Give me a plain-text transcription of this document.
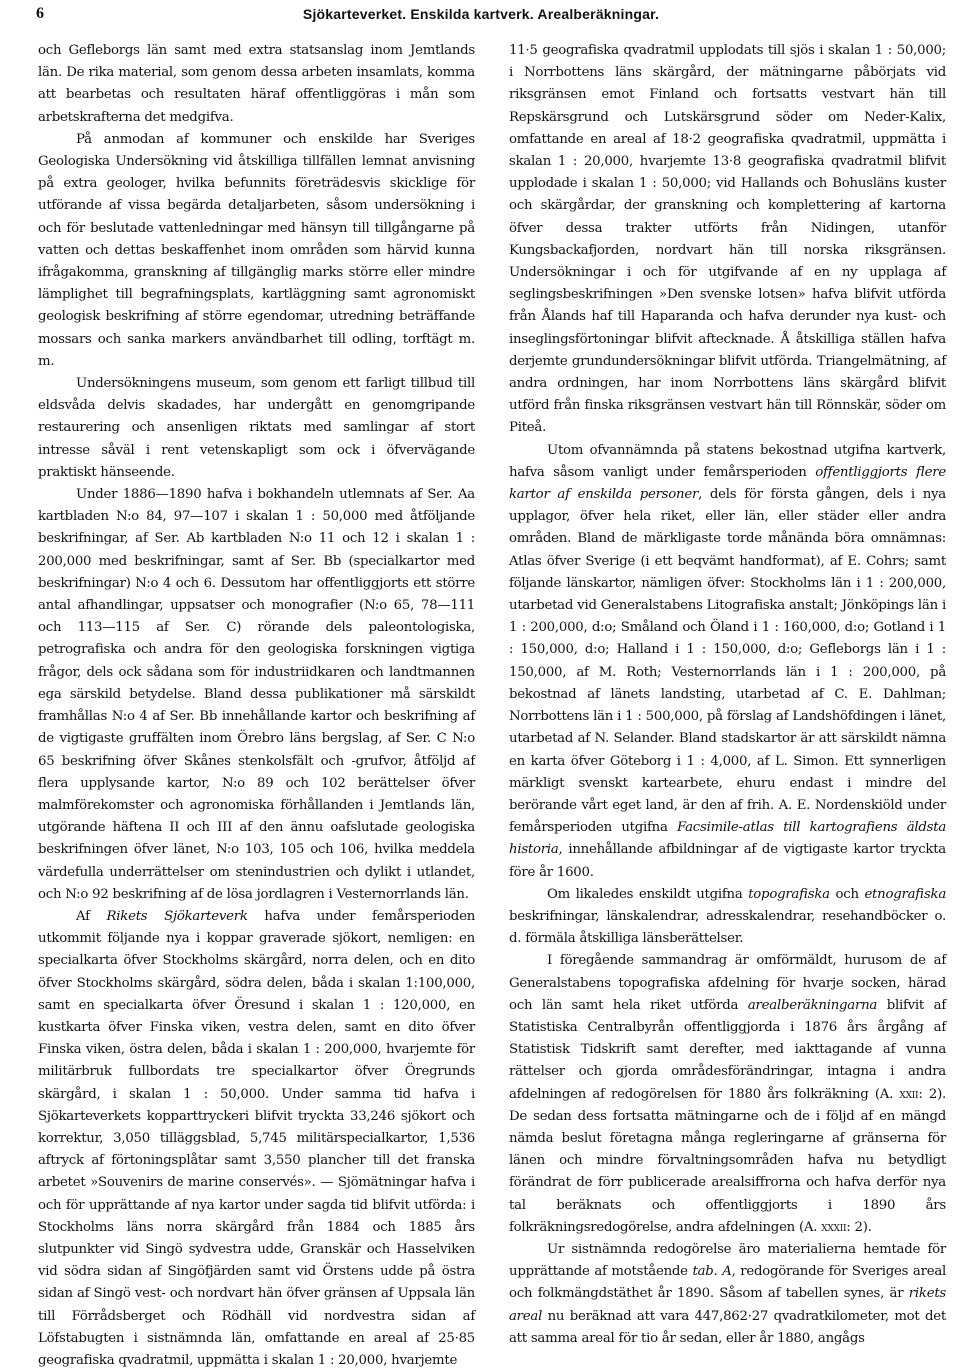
6	Sjökarteverket. Enskilda kartverk. Arealberäkningar.

och Gefleborgs län samt med extra statsanslag inom Jemtlands län. De rika material, som genom dessa arbeten insamlats, komma att bearbetas och resultaten häraf offentliggöras i mån som arbetskrafterna det medgifva.

På anmodan af kommuner och enskilde har Sveriges Geologiska Undersökning vid åtskilliga tillfällen lemnat anvisning på extra geologer, hvilka befunnits företrädesvis skicklige för utförande af vissa begärda detaljarbeten, såsom undersökning i och för beslutade vattenledningar med hänsyn till tillgångarne på vatten och dettas beskaffenhet inom områden som härvid kunna ifrågakomma, granskning af tillgänglig marks större eller mindre lämplighet till begrafningsplats, kartläggning samt agronomiskt geologisk beskrifning af större egendomar, utredning beträffande mossars och sanka markers användbarhet till odling, torftägt m. m.

Undersökningens museum, som genom ett farligt tillbud till eldsvåda delvis skadades, har undergått en genomgripande restaurering och ansenligen riktats med samlingar af stort intresse såväl i rent vetenskapligt som ock i öfvervägande praktiskt hänseende.

Under 1886—1890 hafva i bokhandeln utlemnats af Ser. Aa kartbladen N:o 84, 97—107 i skalan 1 : 50,000 med åtföljande beskrifningar, af Ser. Ab kartbladen N:o 11 och 12 i skalan 1 : 200,000 med beskrifningar, samt af Ser. Bb (specialkartor med beskrifningar) N:o 4 och 6. Dessutom har offentliggjorts ett större antal afhandlingar, uppsatser och monografier (N:o 65, 78—111 och 113—115 af Ser. C) rörande dels paleontologiska, petrografiska och andra för den geologiska forskningen vigtiga frågor, dels ock sådana som för industriidkaren och landtmannen ega särskild betydelse. Bland dessa publikationer må särskildt framhållas N:o 4 af Ser. Bb innehållande kartor och beskrifning af de vigtigaste gruffälten inom Örebro läns bergslag, af Ser. C N:o 65 beskrifning öfver Skånes stenkolsfält och -grufvor, åtföljd af flera upplysande kartor, N:o 89 och 102 berättelser öfver malmförekomster och agronomiska förhållanden i Jemtlands län, utgörande häftena II och III af den ännu oafslutade geologiska beskrifningen öfver länet, N:o 103, 105 och 106, hvilka meddela värdefulla underrättelser om stenindustrien och dylikt i utlandet, och N:o 92 beskrifning af de lösa jordlagren i Vesternorrlands län.

Af Rikets Sjökarteverk hafva under femårsperioden utkommit följande nya i koppar graverade sjökort, nemligen: en specialkarta öfver Stockholms skärgård, norra delen, och en dito öfver Stockholms skärgård, södra delen, båda i skalan 1:100,000, samt en specialkarta öfver Öresund i skalan 1 : 120,000, en kustkarta öfver Finska viken, vestra delen, samt en dito öfver Finska viken, östra delen, båda i skalan 1 : 200,000, hvarjemte för militärbruk fullbordats tre specialkartor öfver Öregrunds skärgård, i skalan 1 : 50,000. Under samma tid hafva i Sjökarteverkets kopparttryckeri blifvit tryckta 33,246 sjökort och korrektur, 3,050 tilläggsblad, 5,745 militärspecialkartor, 1,536 aftryck af förtoningsplåtar samt 3,550 plancher till det franska arbetet »Souvenirs de marine conservés». — Sjömätningar hafva i och för upprättande af nya kartor under sagda tid blifvit utförda: i Stockholms läns norra skärgård från 1884 och 1885 års slutpunkter vid Singö sydvestra udde, Granskär och Hasselviken vid södra sidan af Singöfjärden samt vid Örstens udde på östra sidan af Singö vest- och nordvart hän öfver gränsen af Uppsala län till Förrådsberget och Rödhäll vid nordvestra sidan af Löfstabugten i sistnämnda län, omfattande en areal af 25·85 geografiska qvadratmil, uppmätta i skalan 1 : 20,000, hvarjemte

11·5 geografiska qvadratmil upplodats till sjös i skalan 1 : 50,000; i Norrbottens läns skärgård, der mätningarne påbörjats vid riksgränsen emot Finland och fortsatts vestvart hän till Repskärsgrund och Lutskärsgrund söder om Neder-Kalix, omfattande en areal af 18·2 geografiska qvadratmil, uppmätta i skalan 1 : 20,000, hvarjemte 13·8 geografiska qvadratmil blifvit upplodade i skalan 1 : 50,000; vid Hallands och Bohusläns kuster och skärgårdar, der granskning och komplettering af kartorna öfver dessa trakter utförts från Nidingen, utanför Kungsbackafjorden, nordvart hän till norska riksgränsen. Undersökningar i och för utgifvande af en ny upplaga af seglingsbeskrifningen »Den svenske lotsen» hafva blifvit utförda från Ålands haf till Haparanda och hafva derunder nya kust- och inseglingsförtoningar blifvit aftecknade. Å åtskilliga ställen hafva derjemte grundundersökningar blifvit utförda. Triangelmätning, af andra ordningen, har inom Norrbottens läns skärgård blifvit utförd från finska riksgränsen vestvart hän till Rönnskär, söder om Piteå.

Utom ofvannämnda på statens bekostnad utgifna kartverk, hafva såsom vanligt under femårsperioden offentliggjorts flere kartor af enskilda personer, dels för första gången, dels i nya upplagor, öfver hela riket, eller län, eller städer eller andra områden. Bland de märkligaste torde månända böra omnämnas: Atlas öfver Sverige (i ett beqvämt handformat), af E. Cohrs; samt följande länskartor, nämligen öfver: Stockholms län i 1 : 200,000, utarbetad vid Generalstabens Litografiska anstalt; Jönköpings län i 1 : 200,000, d:o; Småland och Öland i 1 : 160,000, d:o; Gotland i 1 : 150,000, d:o; Halland i 1 : 150,000, d:o; Gefleborgs län i 1 : 150,000, af M. Roth; Vesternorrlands län i 1 : 200,000, på bekostnad af länets landsting, utarbetad af C. E. Dahlman; Norrbottens län i 1 : 500,000, på förslag af Landshöfdingen i länet, utarbetad af N. Selander. Bland stadskartor är att särskildt nämna en karta öfver Göteborg i 1 : 4,000, af L. Simon. Ett synnerligen märkligt svenskt kartearbete, ehuru endast i mindre del berörande vårt eget land, är den af frih. A. E. Nordenskiöld under femårsperioden utgifna Facsimile-atlas till kartografiens äldsta historia, innehållande afbildningar af de vigtigaste kartor tryckta före år 1600.

Om likaledes enskildt utgifna topografiska och etnografiska beskrifningar, länskalendrar, adresskalendrar, resehandböcker o. d. förmäla åtskilliga länsberättelser.

I föregående sammandrag är omförmäldt, hurusom de af Generalstabens topografiska afdelning för hvarje socken, härad och län samt hela riket utförda arealberäkningarna blifvit af Statistiska Centralbyrån offentliggjorda i 1876 års årgång af Statistisk Tidskrift samt derefter, med iakttagande af vunna rättelser och gjorda områdesförändringar, intagna i andra afdelningen af redogörelsen för 1880 års folkräkning (A. xxii: 2). De sedan dess fortsatta mätningarne och de i följd af en mängd nämda beslut företagna många regleringarne af gränserna för länen och mindre förvaltningsområden hafva nu betydligt förändrat de förr publicerade arealsiffrorna och hafva derför nya tal beräknats och offentliggjorts i 1890 års folkräkningsredogörelse, andra afdelningen (A. xxxii: 2).

Ur sistnämnda redogörelse äro materialierna hemtade för upprättande af motstående tab. A, redogörande för Sveriges areal och folkmängdstäthet år 1890. Såsom af tabellen synes, är rikets areal nu beräknad att vara 447,862·27 qvadratkilometer, mot det att samma areal för tio år sedan, eller år 1880, angågs
